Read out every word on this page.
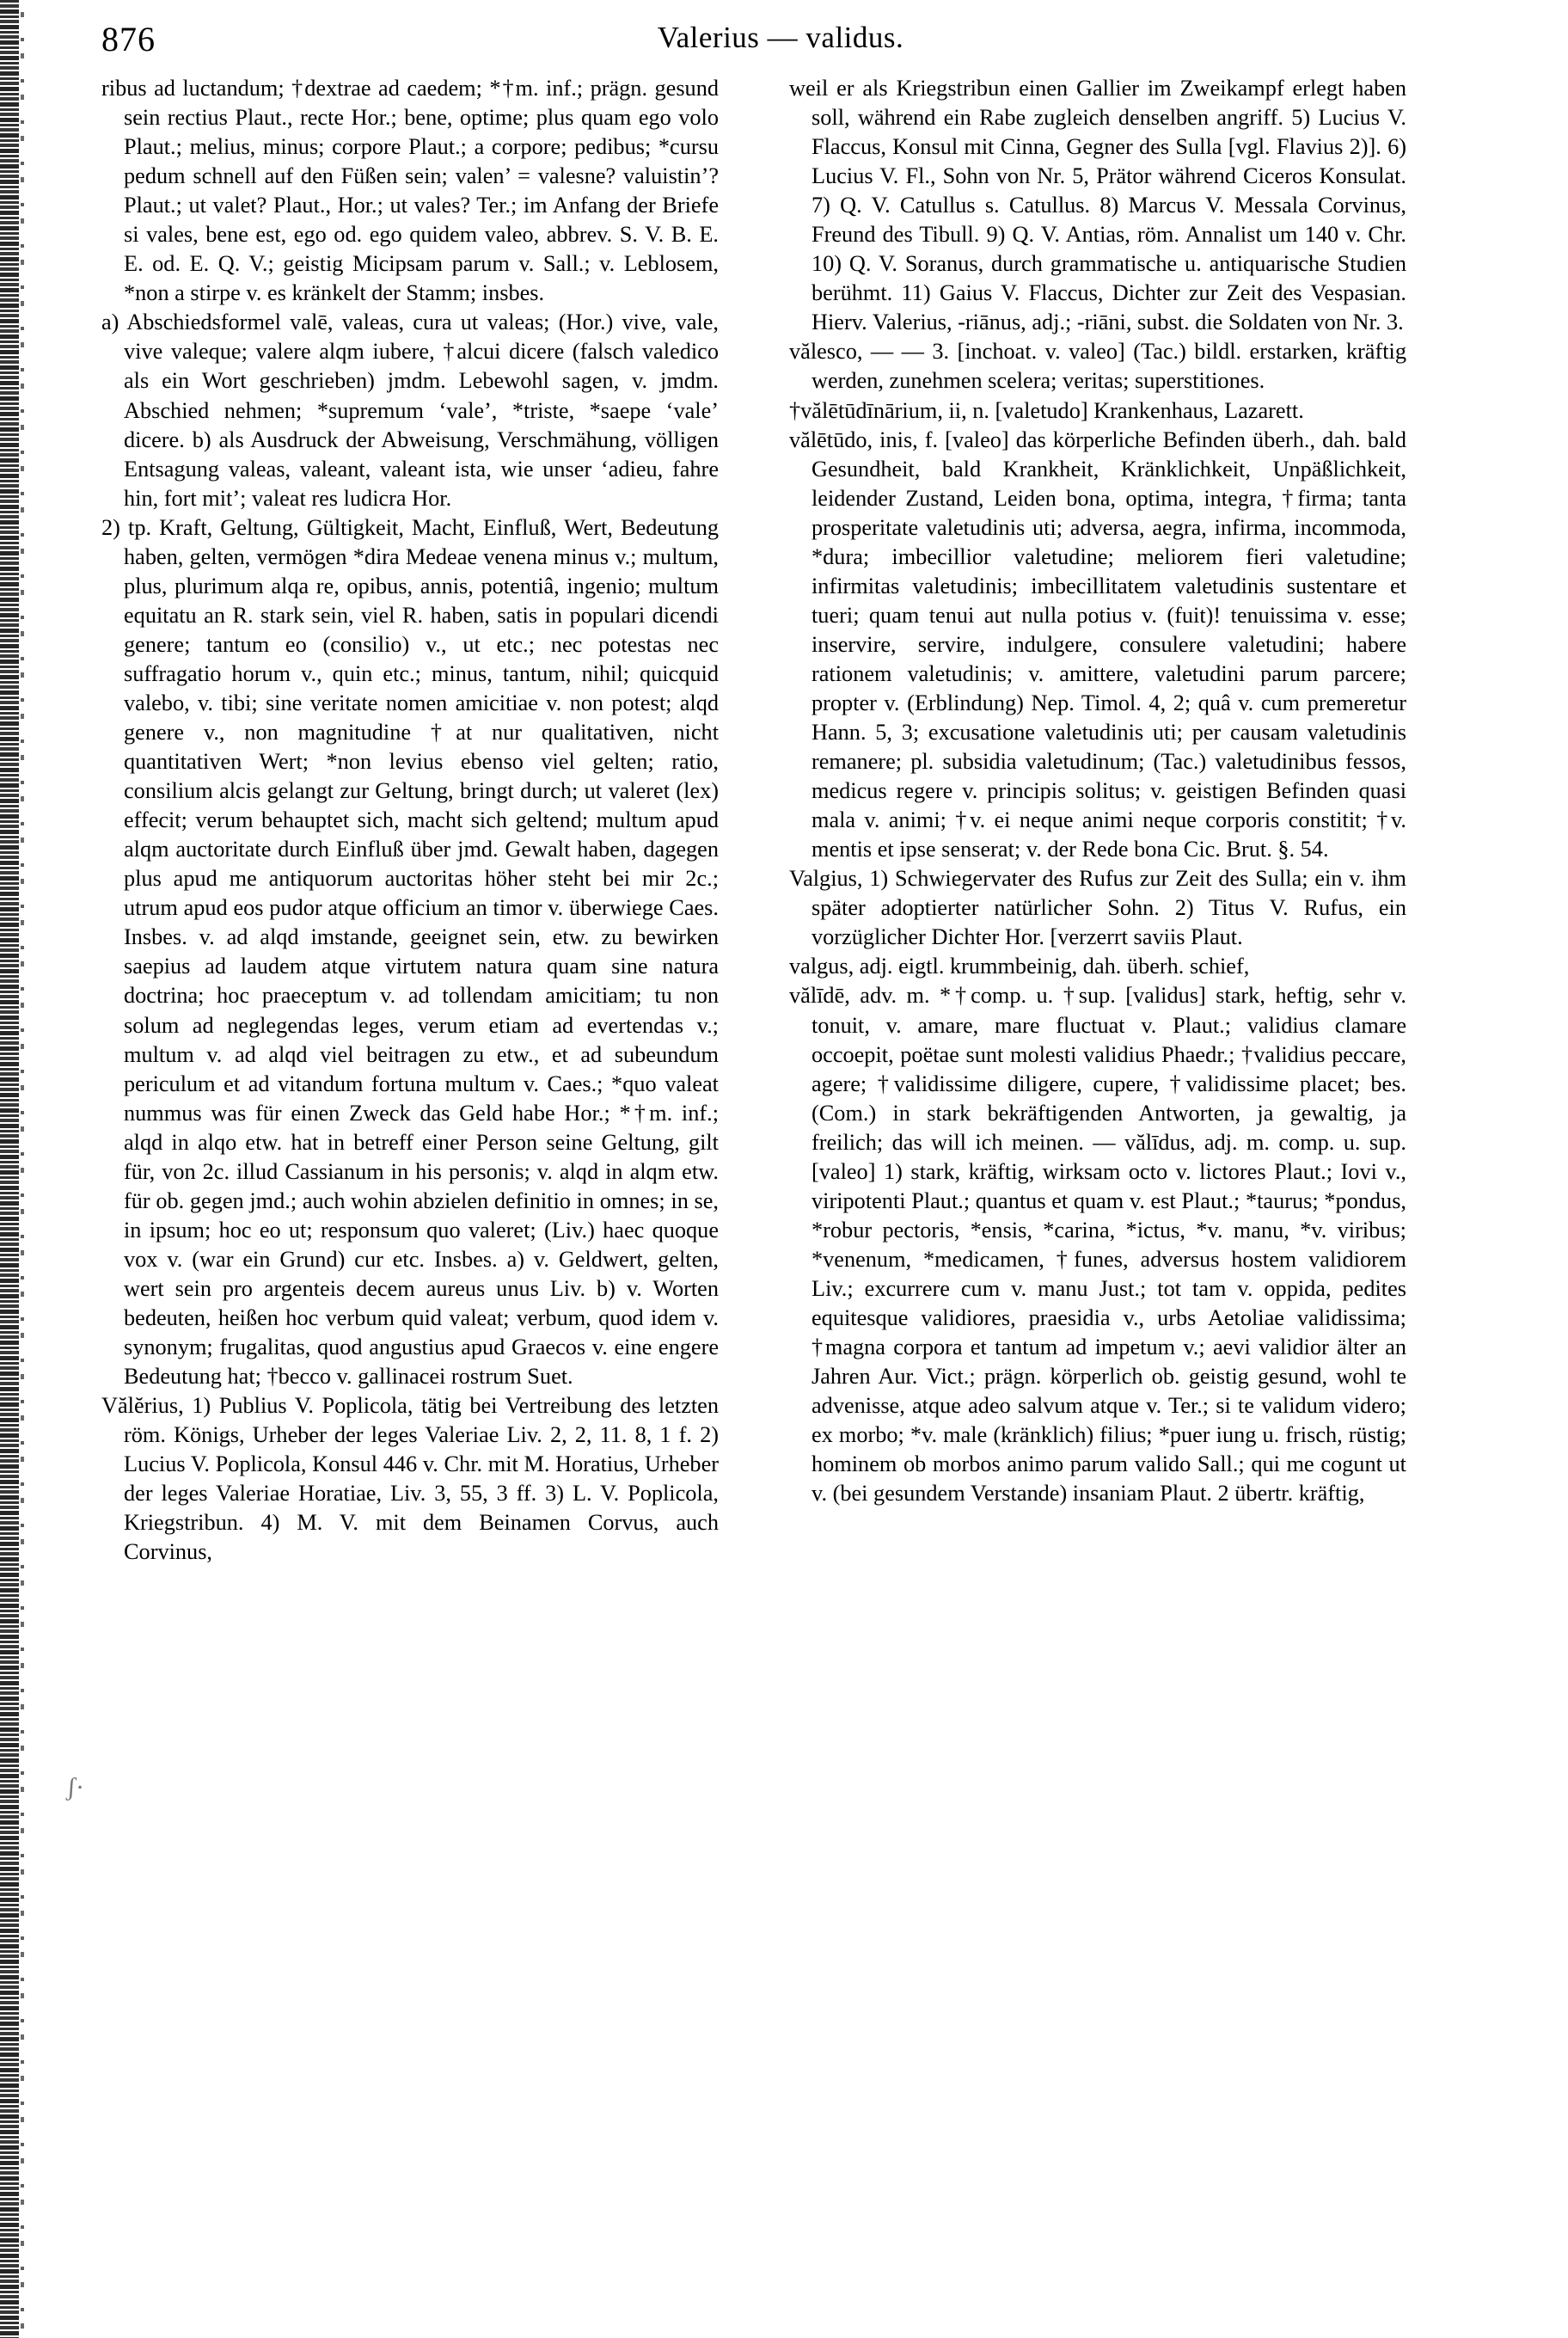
876	Valerius — validus.
ʃ·

ribus ad luctandum; †dextrae ad caedem; *†m. inf.; prägn. gesund sein rectius Plaut., recte Hor.; bene, optime; plus quam ego volo Plaut.; melius, minus; corpore Plaut.; a corpore; pedibus; *cursu pedum schnell auf den Füßen sein; valen’ = valesne? valuistin’? Plaut.; ut valet? Plaut., Hor.; ut vales? Ter.; im Anfang der Briefe si vales, bene est, ego od. ego quidem valeo, abbrev. S. V. B. E. E. od. E. Q. V.; geistig Micipsam parum v. Sall.; v. Leblosem, *non a stirpe v. es kränkelt der Stamm; insbes.

a) Abschiedsformel valē, valeas, cura ut valeas; (Hor.) vive, vale, vive valeque; valere alqm iubere, †alcui dicere (falsch valedico als ein Wort geschrieben) jmdm. Lebewohl sagen, v. jmdm. Abschied nehmen; *supremum ‘vale’, *triste, *saepe ‘vale’ dicere. b) als Ausdruck der Abweisung, Verschmähung, völligen Entsagung valeas, valeant, valeant ista, wie unser ‘adieu, fahre hin, fort mit’; valeat res ludicra Hor.

2) tp. Kraft, Geltung, Gültigkeit, Macht, Einfluß, Wert, Bedeutung haben, gelten, vermögen *dira Medeae venena minus v.; multum, plus, plurimum alqa re, opibus, annis, potentiâ, ingenio; multum equitatu an R. stark sein, viel R. haben, satis in populari dicendi genere; tantum eo (consilio) v., ut etc.; nec potestas nec suffragatio horum v., quin etc.; minus, tantum, nihil; quicquid valebo, v. tibi; sine veritate nomen amicitiae v. non potest; alqd genere v., non magnitudine †at nur qualitativen, nicht quantitativen Wert; *non levius ebenso viel gelten; ratio, consilium alcis gelangt zur Geltung, bringt durch; ut valeret (lex) effecit; verum behauptet sich, macht sich geltend; multum apud alqm auctoritate durch Einfluß über jmd. Gewalt haben, dagegen plus apud me antiquorum auctoritas höher steht bei mir 2c.; utrum apud eos pudor atque officium an timor v. überwiege Caes. Insbes. v. ad alqd imstande, geeignet sein, etw. zu bewirken saepius ad laudem atque virtutem natura quam sine natura doctrina; hoc praeceptum v. ad tollendam amicitiam; tu non solum ad neglegendas leges, verum etiam ad evertendas v.; multum v. ad alqd viel beitragen zu etw., et ad subeundum periculum et ad vitandum fortuna multum v. Caes.; *quo valeat nummus was für einen Zweck das Geld habe Hor.; *†m. inf.; alqd in alqo etw. hat in betreff einer Person seine Geltung, gilt für, von 2c. illud Cassianum in his personis; v. alqd in alqm etw. für ob. gegen jmd.; auch wohin abzielen definitio in omnes; in se, in ipsum; hoc eo ut; responsum quo valeret; (Liv.) haec quoque vox v. (war ein Grund) cur etc. Insbes. a) v. Geldwert, gelten, wert sein pro argenteis decem aureus unus Liv. b) v. Worten bedeuten, heißen hoc verbum quid valeat; verbum, quod idem v. synonym; frugalitas, quod angustius apud Graecos v. eine engere Bedeutung hat; †becco v. gallinacei rostrum Suet.

Vălĕrius, 1) Publius V. Poplicola, tätig bei Vertreibung des letzten röm. Königs, Urheber der leges Valeriae Liv. 2, 2, 11. 8, 1 f. 2) Lucius V. Poplicola, Konsul 446 v. Chr. mit M. Horatius, Urheber der leges Valeriae Horatiae, Liv. 3, 55, 3 ff. 3) L. V. Poplicola, Kriegstribun. 4) M. V. mit dem Beinamen Corvus, auch Corvinus,

weil er als Kriegstribun einen Gallier im Zweikampf erlegt haben soll, während ein Rabe zugleich denselben angriff. 5) Lucius V. Flaccus, Konsul mit Cinna, Gegner des Sulla [vgl. Flavius 2)]. 6) Lucius V. Fl., Sohn von Nr. 5, Prätor während Ciceros Konsulat. 7) Q. V. Catullus s. Catullus. 8) Marcus V. Messala Corvinus, Freund des Tibull. 9) Q. V. Antias, röm. Annalist um 140 v. Chr. 10) Q. V. Soranus, durch grammatische u. antiquarische Studien berühmt. 11) Gaius V. Flaccus, Dichter zur Zeit des Vespasian. Hierv. Valerius, -riānus, adj.; -riāni, subst. die Soldaten von Nr. 3.

vălesco, — — 3. [inchoat. v. valeo] (Tac.) bildl. erstarken, kräftig werden, zunehmen scelera; veritas; superstitiones.

†vălētūdīnārium, ii, n. [valetudo] Krankenhaus, Lazarett.

vălētūdo, inis, f. [valeo] das körperliche Befinden überh., dah. bald Gesundheit, bald Krankheit, Kränklichkeit, Unpäßlichkeit, leidender Zustand, Leiden bona, optima, integra, †firma; tanta prosperitate valetudinis uti; adversa, aegra, infirma, incommoda, *dura; imbecillior valetudine; meliorem fieri valetudine; infirmitas valetudinis; imbecillitatem valetudinis sustentare et tueri; quam tenui aut nulla potius v. (fuit)! tenuissima v. esse; inservire, servire, indulgere, consulere valetudini; habere rationem valetudinis; v. amittere, valetudini parum parcere; propter v. (Erblindung) Nep. Timol. 4, 2; quâ v. cum premeretur Hann. 5, 3; excusatione valetudinis uti; per causam valetudinis remanere; pl. subsidia valetudinum; (Tac.) valetudinibus fessos, medicus regere v. principis solitus; v. geistigen Befinden quasi mala v. animi; †v. ei neque animi neque corporis constitit; †v. mentis et ipse senserat; v. der Rede bona Cic. Brut. §. 54.

Valgius, 1) Schwiegervater des Rufus zur Zeit des Sulla; ein v. ihm später adoptierter natürlicher Sohn. 2) Titus V. Rufus, ein vorzüglicher Dichter Hor. [verzerrt saviis Plaut.

valgus, adj. eigtl. krummbeinig, dah. überh. schief,

vălīdē, adv. m. *†comp. u. †sup. [validus] stark, heftig, sehr v. tonuit, v. amare, mare fluctuat v. Plaut.; validius clamare occoepit, poëtae sunt molesti validius Phaedr.; †validius peccare, agere; †validissime diligere, cupere, †validissime placet; bes. (Com.) in stark bekräftigenden Antworten, ja gewaltig, ja freilich; das will ich meinen. — vălīdus, adj. m. comp. u. sup. [valeo] 1) stark, kräftig, wirksam octo v. lictores Plaut.; Iovi v., viripotenti Plaut.; quantus et quam v. est Plaut.; *taurus; *pondus, *robur pectoris, *ensis, *carina, *ictus, *v. manu, *v. viribus; *venenum, *medicamen, †funes, adversus hostem validiorem Liv.; excurrere cum v. manu Just.; tot tam v. oppida, pedites equitesque validiores, praesidia v., urbs Aetoliae validissima; †magna corpora et tantum ad impetum v.; aevi validior älter an Jahren Aur. Vict.; prägn. körperlich ob. geistig gesund, wohl te advenisse, atque adeo salvum atque v. Ter.; si te validum videro; ex morbo; *v. male (kränklich) filius; *puer iung u. frisch, rüstig; hominem ob morbos animo parum valido Sall.; qui me cogunt ut v. (bei gesundem Verstande) insaniam Plaut. 2 übertr. kräftig,
